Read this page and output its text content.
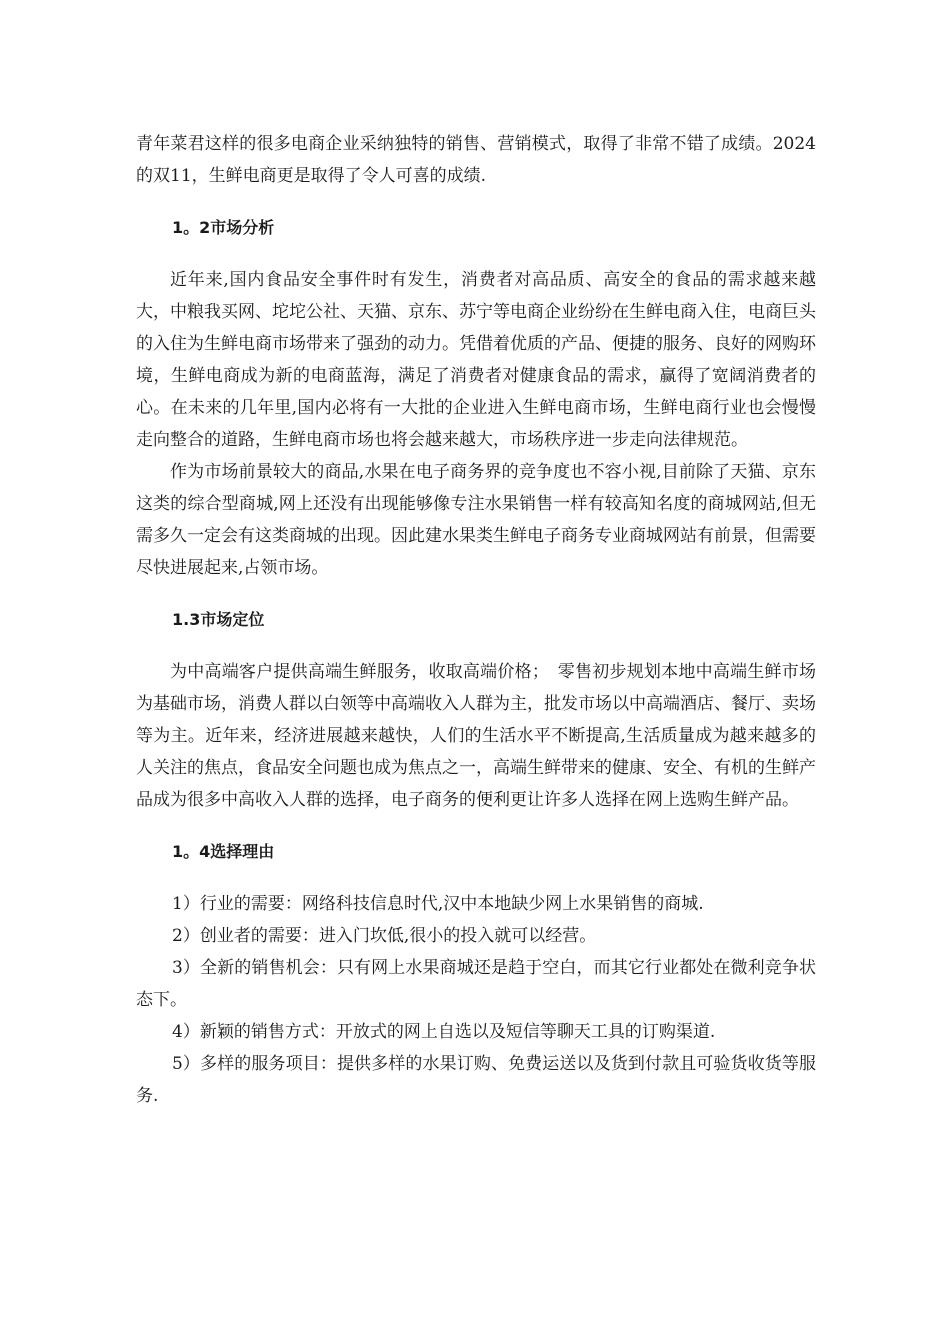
青年菜君这样的很多电商企业采纳独特的销售、营销模式，取得了非常不错了成绩。2024的双11，生鲜电商更是取得了令人可喜的成绩.

1。2市场分析

近年来,国内食品安全事件时有发生，消费者对高品质、高安全的食品的需求越来越大，中粮我买网、坨坨公社、天猫、京东、苏宁等电商企业纷纷在生鲜电商入住，电商巨头的入住为生鲜电商市场带来了强劲的动力。凭借着优质的产品、便捷的服务、良好的网购环境，生鲜电商成为新的电商蓝海，满足了消费者对健康食品的需求，赢得了宽阔消费者的心。在未来的几年里,国内必将有一大批的企业进入生鲜电商市场，生鲜电商行业也会慢慢走向整合的道路，生鲜电商市场也将会越来越大，市场秩序进一步走向法律规范。

作为市场前景较大的商品,水果在电子商务界的竞争度也不容小视,目前除了天猫、京东这类的综合型商城,网上还没有出现能够像专注水果销售一样有较高知名度的商城网站,但无需多久一定会有这类商城的出现。因此建水果类生鲜电子商务专业商城网站有前景，但需要尽快进展起来,占领市场。

1.3市场定位

为中高端客户提供高端生鲜服务，收取高端价格；　零售初步规划本地中高端生鲜市场为基础市场，消费人群以白领等中高端收入人群为主，批发市场以中高端酒店、餐厅、卖场等为主。近年来，经济进展越来越快，人们的生活水平不断提高,生活质量成为越来越多的人关注的焦点，食品安全问题也成为焦点之一，高端生鲜带来的健康、安全、有机的生鲜产品成为很多中高收入人群的选择，电子商务的便利更让许多人选择在网上选购生鲜产品。

1。4选择理由

1）行业的需要：网络科技信息时代,汉中本地缺少网上水果销售的商城.

2）创业者的需要：进入门坎低,很小的投入就可以经营。

3）全新的销售机会：只有网上水果商城还是趋于空白，而其它行业都处在微利竞争状态下。

4）新颖的销售方式：开放式的网上自选以及短信等聊天工具的订购渠道.

5）多样的服务项目：提供多样的水果订购、免费运送以及货到付款且可验货收货等服务.
